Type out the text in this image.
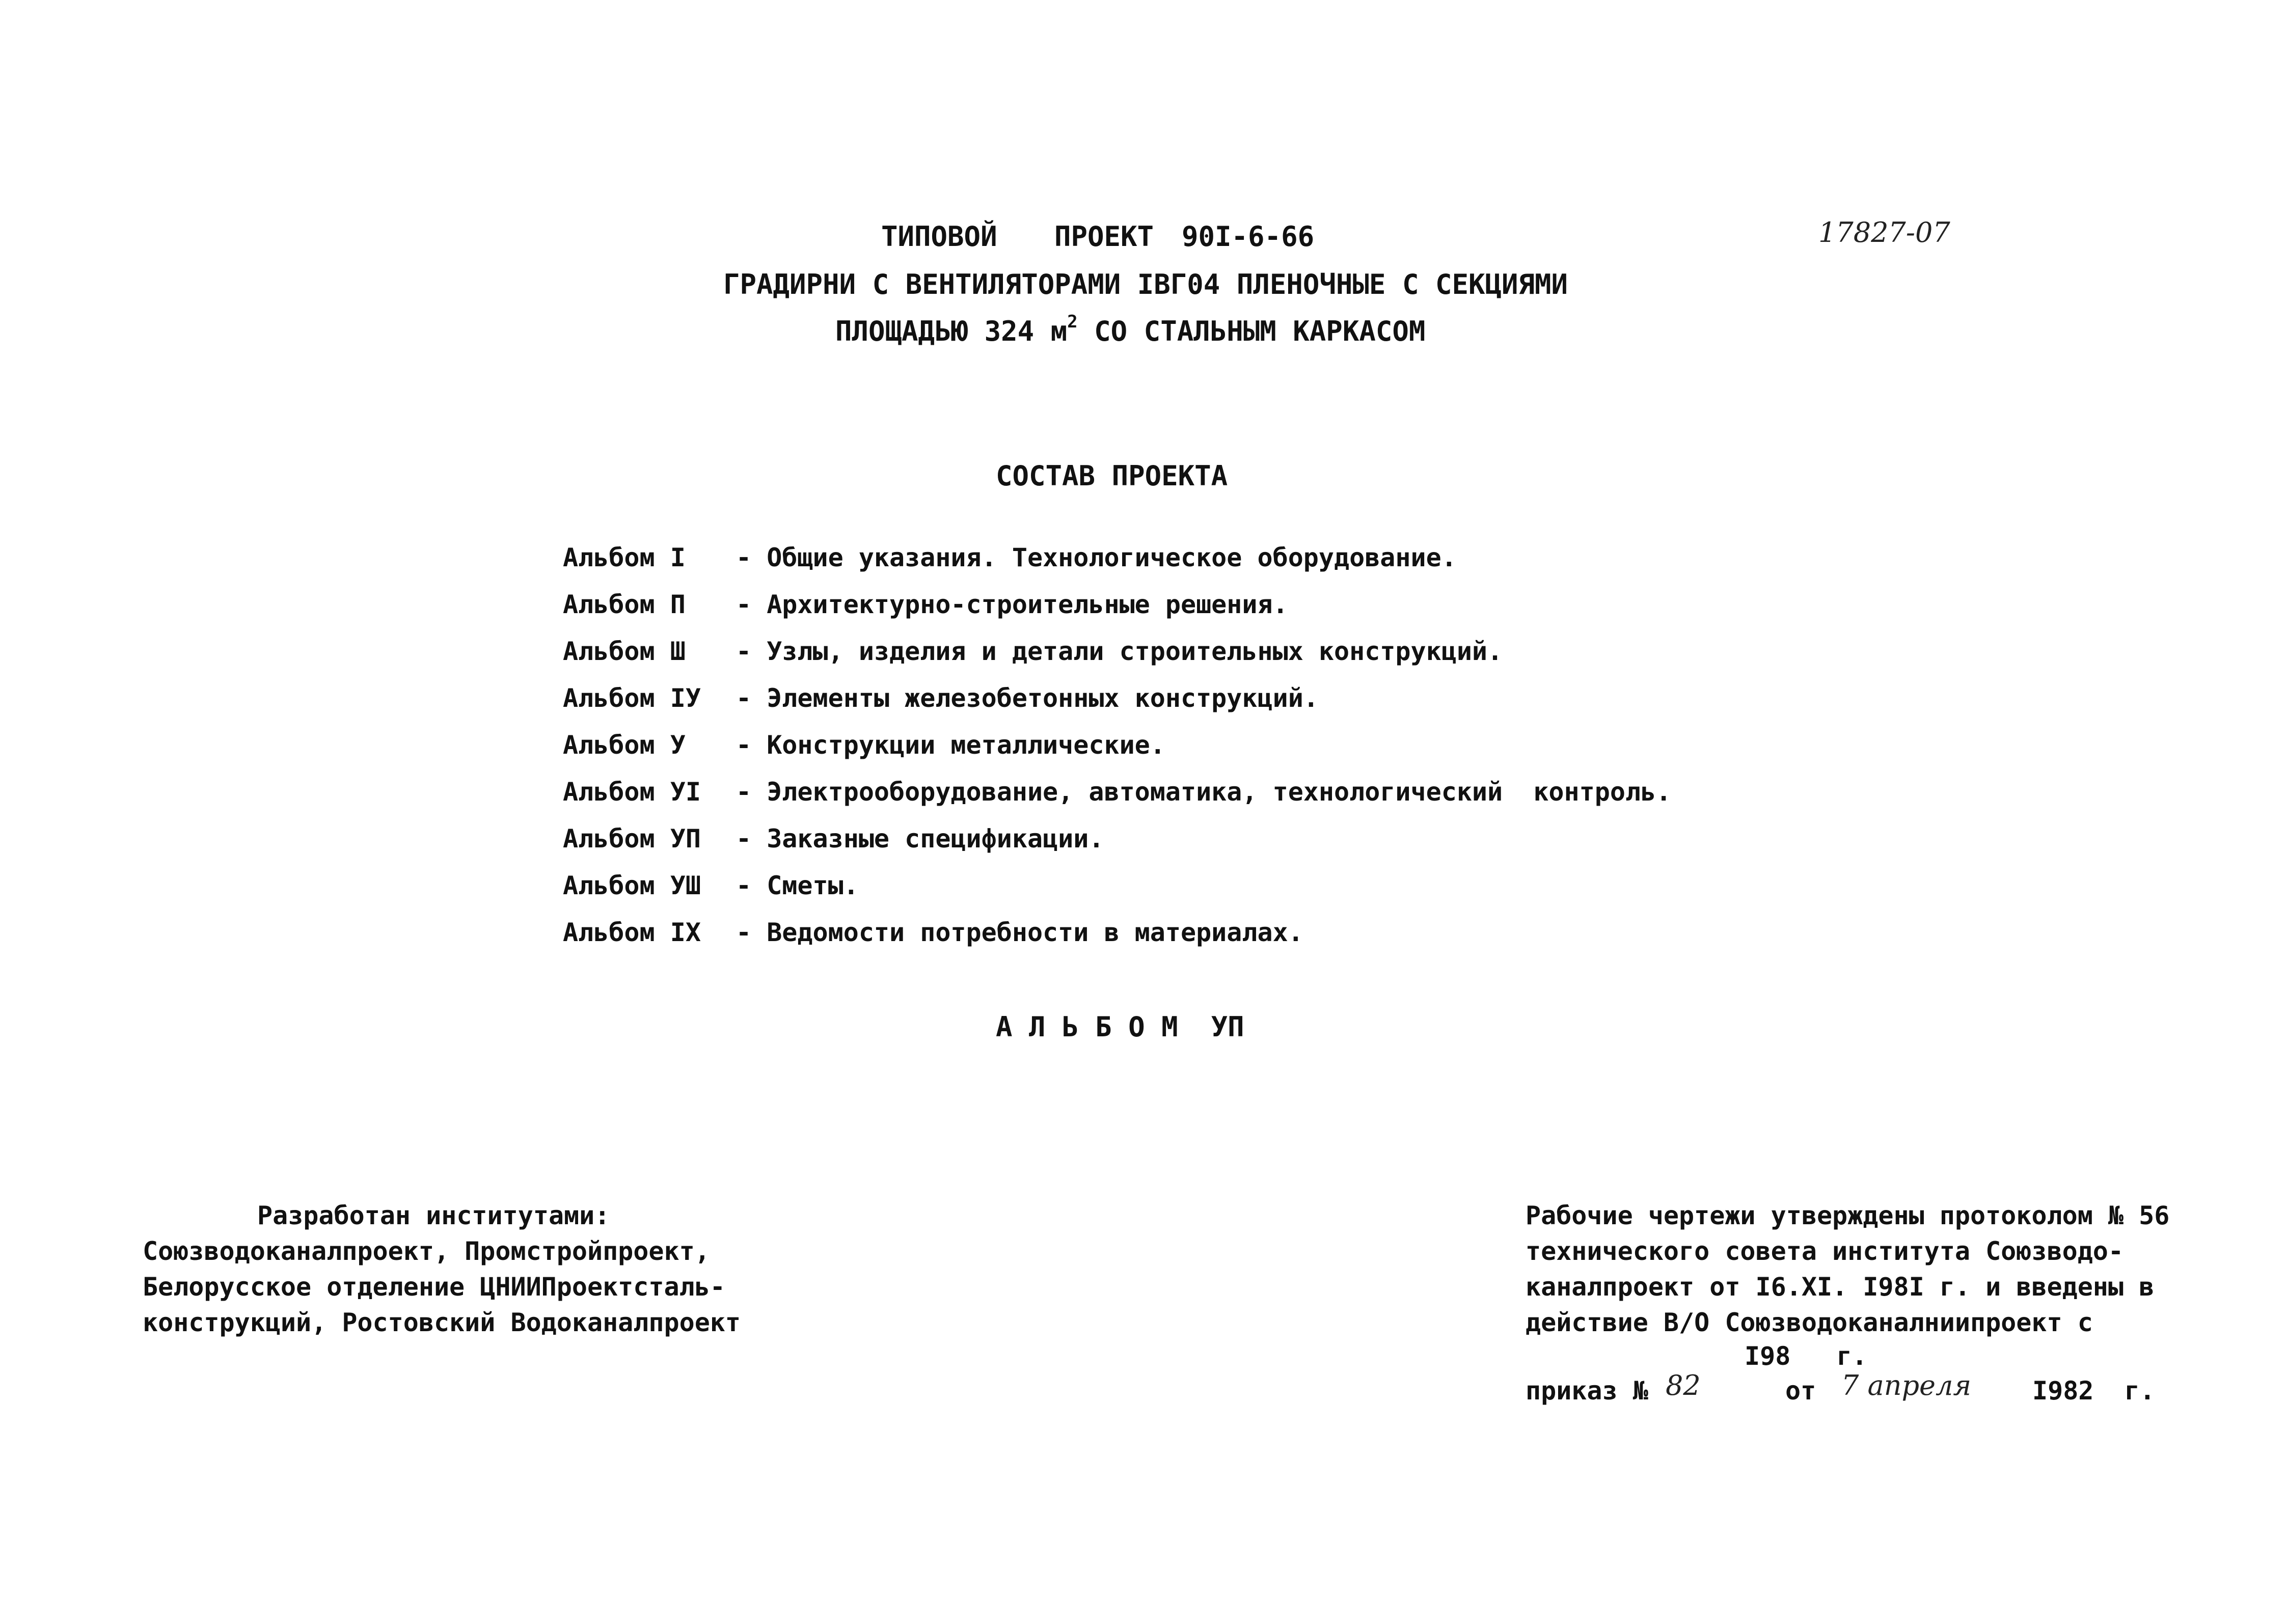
ТИПОВОЙ ПРОЕКТ 90I-6-66	17827-07
ГРАДИРНИ С ВЕНТИЛЯТОРАМИ IВГ04 ПЛЕНОЧНЫЕ С СЕКЦИЯМИ
ПЛОЩАДЬЮ 324 $м^2$ СО СТАЛЬНЫМ КАРКАСОМ
СОСТАВ ПРОЕКТА
Альбом I - Общие указания. Технологическое оборудование.
Альбом П - Архитектурно-строительные решения.
Альбом Ш - Узлы, изделия и детали строительных конструкций.
Альбом IУ - Элементы железобетонных конструкций.
Альбом У - Конструкции металлические.
Альбом УI - Электрооборудование, автоматика, технологический  контроль.
Альбом УП - Заказные спецификации.
Альбом УШ - Сметы.
Альбом IX - Ведомости потребности в материалах.
А Л Ь Б О М  УП
Разработан институтами:
Союзводоканалпроект, Промстройпроект,
Белорусское отделение ЦНИИПроектсталь-
конструкций, Ростовский Водоканалпроект
Рабочие чертежи утверждены протоколом № 56
технического совета института Союзводо-
каналпроект от I6.XI. I98I г. и введены в
действие В/О Союзводоканалниипроект с
I98   г.
приказ № 82	от 7 апреля I982  г.
